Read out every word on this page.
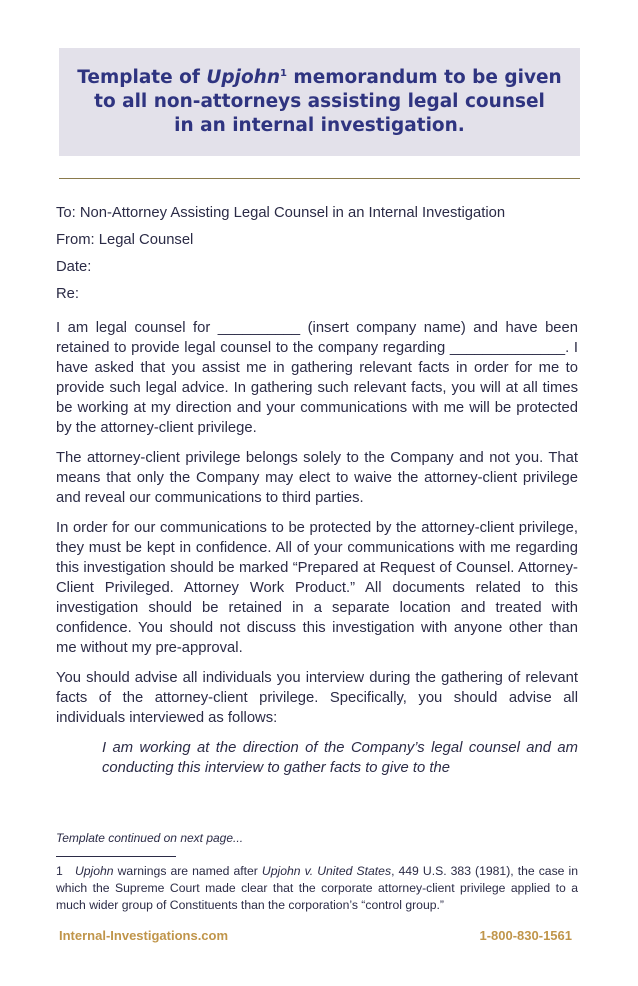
Template of Upjohn$^1$ memorandum to be given
to all non-attorneys assisting legal counsel
in an internal investigation.
To: Non-Attorney Assisting Legal Counsel in an Internal Investigation
From: Legal Counsel
Date:
Re:

I am legal counsel for __________ (insert company name) and have been retained to provide legal counsel to the company regarding ______________. I have asked that you assist me in gathering relevant facts in order for me to provide such legal advice. In gathering such relevant facts, you will at all times be working at my direction and your communications with me will be protected by the attorney-client privilege.

The attorney-client privilege belongs solely to the Company and not you. That means that only the Company may elect to waive the attorney-client privilege and reveal our communications to third parties.

In order for our communications to be protected by the attorney-client privilege, they must be kept in confidence. All of your communications with me regarding this investigation should be marked “Prepared at Request of Counsel. Attorney-Client Privileged. Attorney Work Product.” All documents related to this investigation should be retained in a separate location and treated with confidence. You should not discuss this investigation with anyone other than me without my pre-approval.

You should advise all individuals you interview during the gathering of relevant facts of the attorney-client privilege. Specifically, you should advise all individuals interviewed as follows:

I am working at the direction of the Company’s legal counsel and am conducting this interview to gather facts to give to the

Template continued on next page...
1 Upjohn warnings are named after Upjohn v. United States, 449 U.S. 383 (1981), the case in which the Supreme Court made clear that the corporate attorney-client privilege applied to a much wider group of Constituents than the corporation’s “control group.”
Internal-Investigations.com	1-800-830-1561
